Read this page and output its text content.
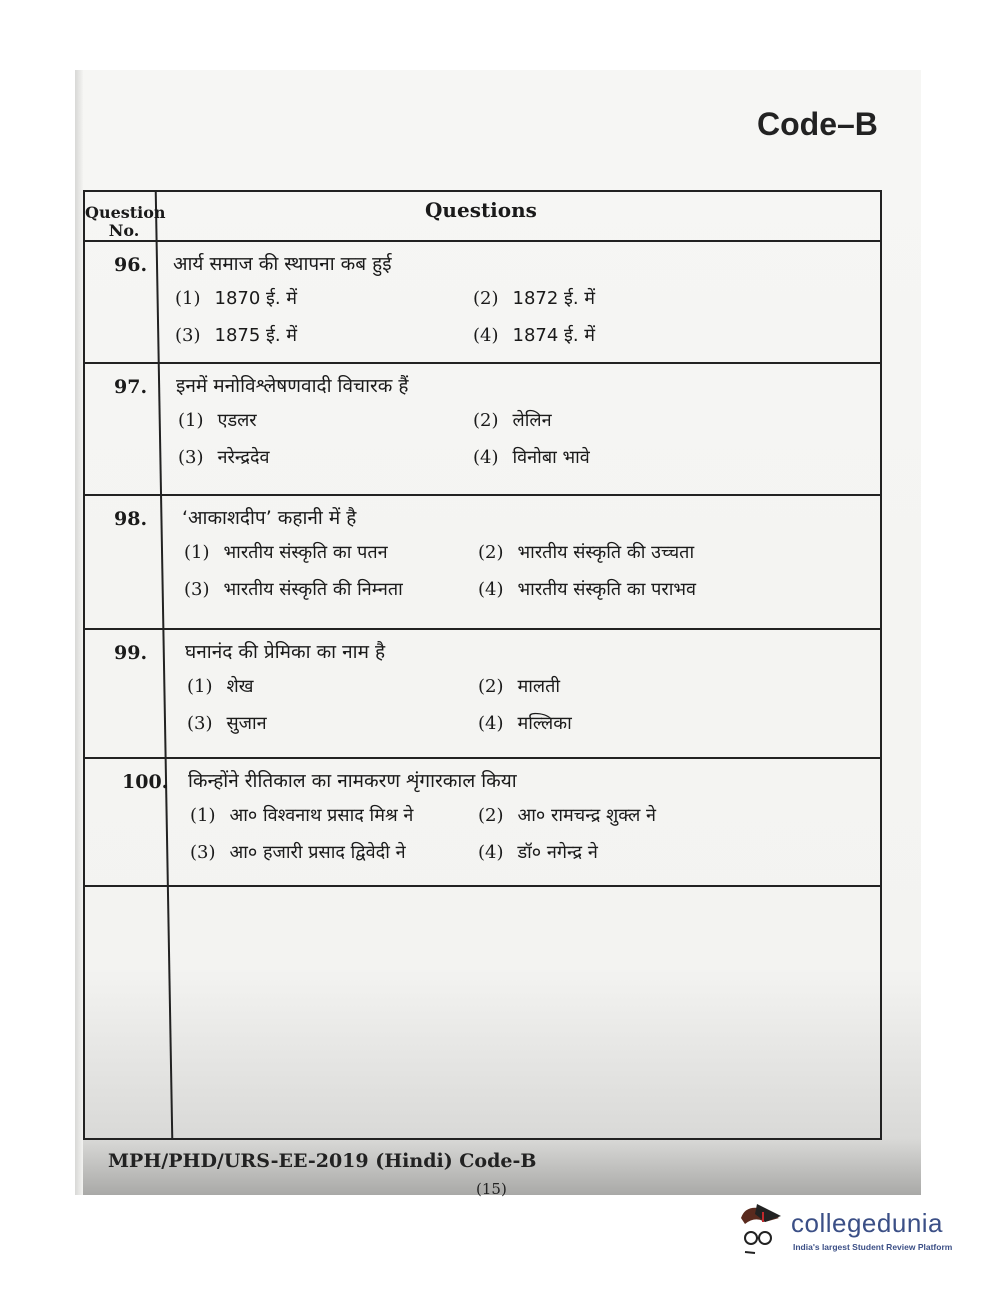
Code–B
Question No.
Questions
96. आर्य समाज की स्थापना कब हुई
(1) 1870 ई. में	(2) 1872 ई. में
(3) 1875 ई. में	(4) 1874 ई. में
97. इनमें मनोविश्लेषणवादी विचारक हैं
(1) एडलर	(2) लेलिन
(3) नरेन्द्रदेव	(4) विनोबा भावे
98. ‘आकाशदीप’ कहानी में है
(1) भारतीय संस्कृति का पतन	(2) भारतीय संस्कृति की उच्चता
(3) भारतीय संस्कृति की निम्नता	(4) भारतीय संस्कृति का पराभव
99. घनानंद की प्रेमिका का नाम है
(1) शेख	(2) मालती
(3) सुजान	(4) मल्लिका
100. किन्होंने रीतिकाल का नामकरण शृंगारकाल किया
(1) आ० विश्वनाथ प्रसाद मिश्र ने	(2) आ० रामचन्द्र शुक्ल ने
(3) आ० हजारी प्रसाद द्विवेदी ने	(4) डॉ० नगेन्द्र ने
MPH/PHD/URS-EE-2019 (Hindi) Code-B
(15)
collegedunia
India's largest Student Review Platform
